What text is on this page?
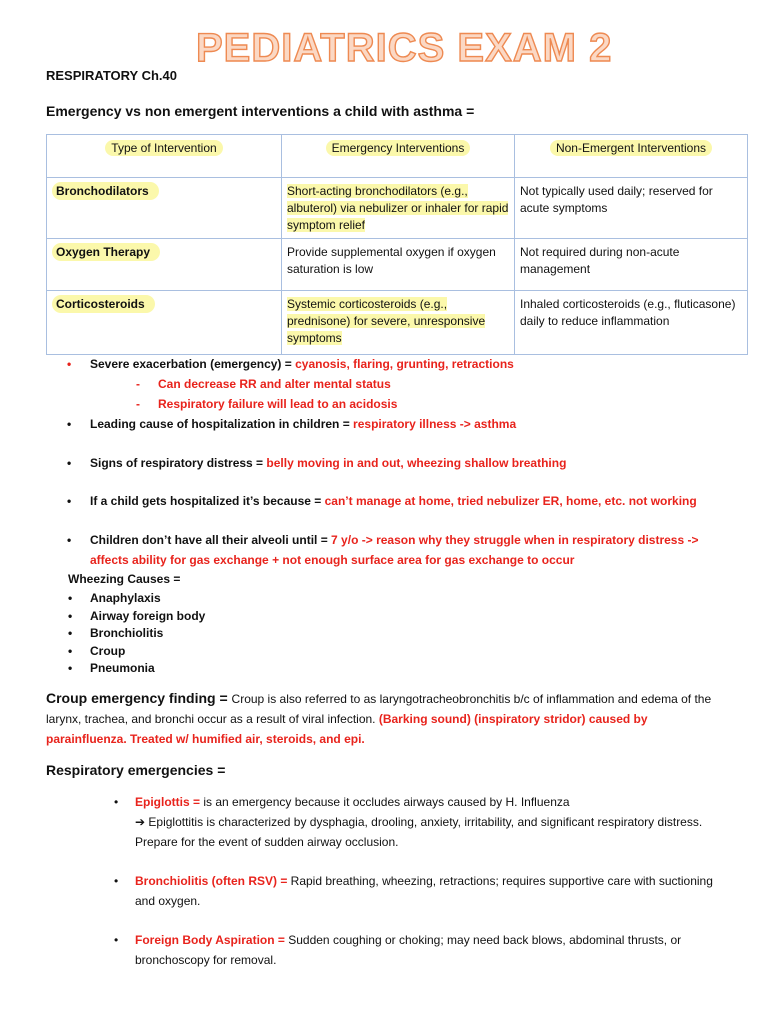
PEDIATRICS EXAM 2
RESPIRATORY Ch.40
Emergency vs non emergent interventions a child with asthma =
Type of Intervention	Emergency Interventions	Non-Emergent Interventions
Bronchodilators	Short-acting bronchodilators (e.g., albuterol) via nebulizer or inhaler for rapid symptom relief	Not typically used daily; reserved for acute symptoms
Oxygen Therapy	Provide supplemental oxygen if oxygen saturation is low	Not required during non-acute management
Corticosteroids	Systemic corticosteroids (e.g., prednisone) for severe, unresponsive symptoms	Inhaled corticosteroids (e.g., fluticasone) daily to reduce inflammation
• Severe exacerbation (emergency) = cyanosis, flaring, grunting, retractions
- Can decrease RR and alter mental status
- Respiratory failure will lead to an acidosis
• Leading cause of hospitalization in children = respiratory illness -> asthma
• Signs of respiratory distress = belly moving in and out, wheezing shallow breathing
• If a child gets hospitalized it’s because = can’t manage at home, tried nebulizer ER, home, etc. not working
• Children don’t have all their alveoli until = 7 y/o -> reason why they struggle when in respiratory distress -> affects ability for gas exchange + not enough surface area for gas exchange to occur
Wheezing Causes =
• Anaphylaxis
• Airway foreign body
• Bronchiolitis
• Croup
• Pneumonia
Croup emergency finding = Croup is also referred to as laryngotracheobronchitis b/c of inflammation and edema of the larynx, trachea, and bronchi occur as a result of viral infection. (Barking sound) (inspiratory stridor) caused by parainfluenza. Treated w/ humified air, steroids, and epi.
Respiratory emergencies =
• Epiglottis = is an emergency because it occludes airways caused by H. Influenza
➔ Epiglottitis is characterized by dysphagia, drooling, anxiety, irritability, and significant respiratory distress. Prepare for the event of sudden airway occlusion.
• Bronchiolitis (often RSV) = Rapid breathing, wheezing, retractions; requires supportive care with suctioning and oxygen.
• Foreign Body Aspiration = Sudden coughing or choking; may need back blows, abdominal thrusts, or bronchoscopy for removal.
